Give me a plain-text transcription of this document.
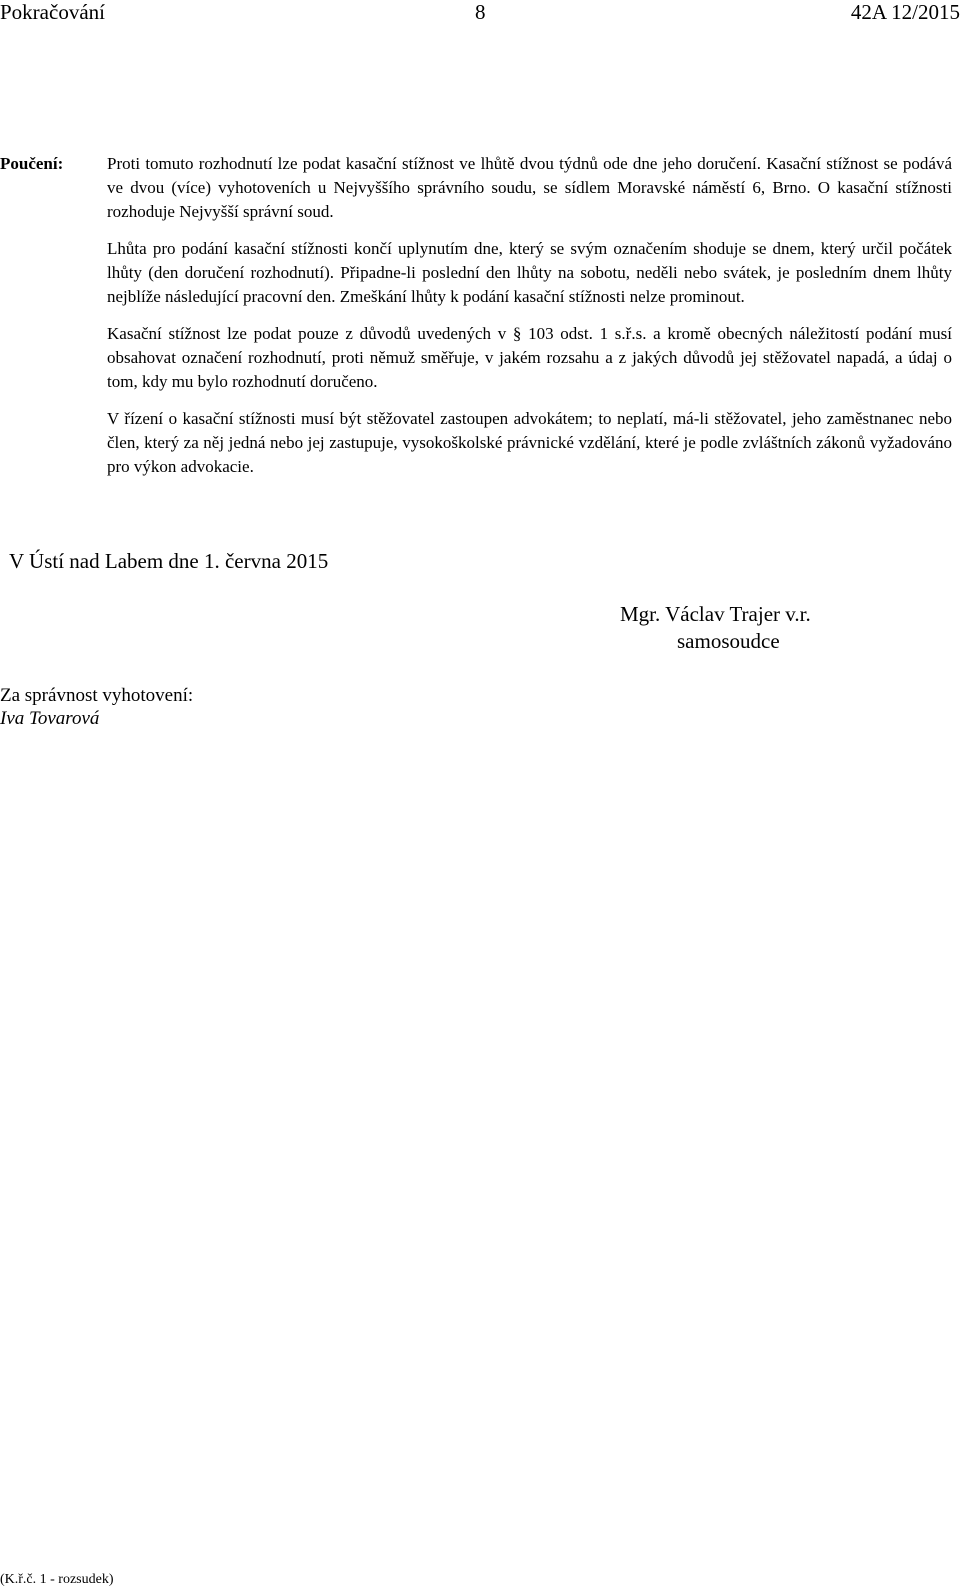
Pokračování	8	42A 12/2015
Poučení:	Proti tomuto rozhodnutí lze podat kasační stížnost ve lhůtě dvou týdnů ode dne jeho doručení. Kasační stížnost se podává ve dvou (více) vyhotoveních u Nejvyššího správního soudu, se sídlem Moravské náměstí 6, Brno. O kasační stížnosti rozhoduje Nejvyšší správní soud.

Lhůta pro podání kasační stížnosti končí uplynutím dne, který se svým označením shoduje se dnem, který určil počátek lhůty (den doručení rozhodnutí). Připadne-li poslední den lhůty na sobotu, neděli nebo svátek, je posledním dnem lhůty nejblíže následující pracovní den. Zmeškání lhůty k podání kasační stížnosti nelze prominout.

Kasační stížnost lze podat pouze z důvodů uvedených v § 103 odst. 1 s.ř.s. a kromě obecných náležitostí podání musí obsahovat označení rozhodnutí, proti němuž směřuje, v jakém rozsahu a z jakých důvodů jej stěžovatel napadá, a údaj o tom, kdy mu bylo rozhodnutí doručeno.

V řízení o kasační stížnosti musí být stěžovatel zastoupen advokátem; to neplatí, má-li stěžovatel, jeho zaměstnanec nebo člen, který za něj jedná nebo jej zastupuje, vysokoškolské právnické vzdělání, které je podle zvláštních zákonů vyžadováno pro výkon advokacie.

V Ústí nad Labem dne 1. června 2015
Mgr. Václav Trajer v.r.
samosoudce
Za správnost vyhotovení:
Iva Tovarová
(K.ř.č. 1 - rozsudek)
